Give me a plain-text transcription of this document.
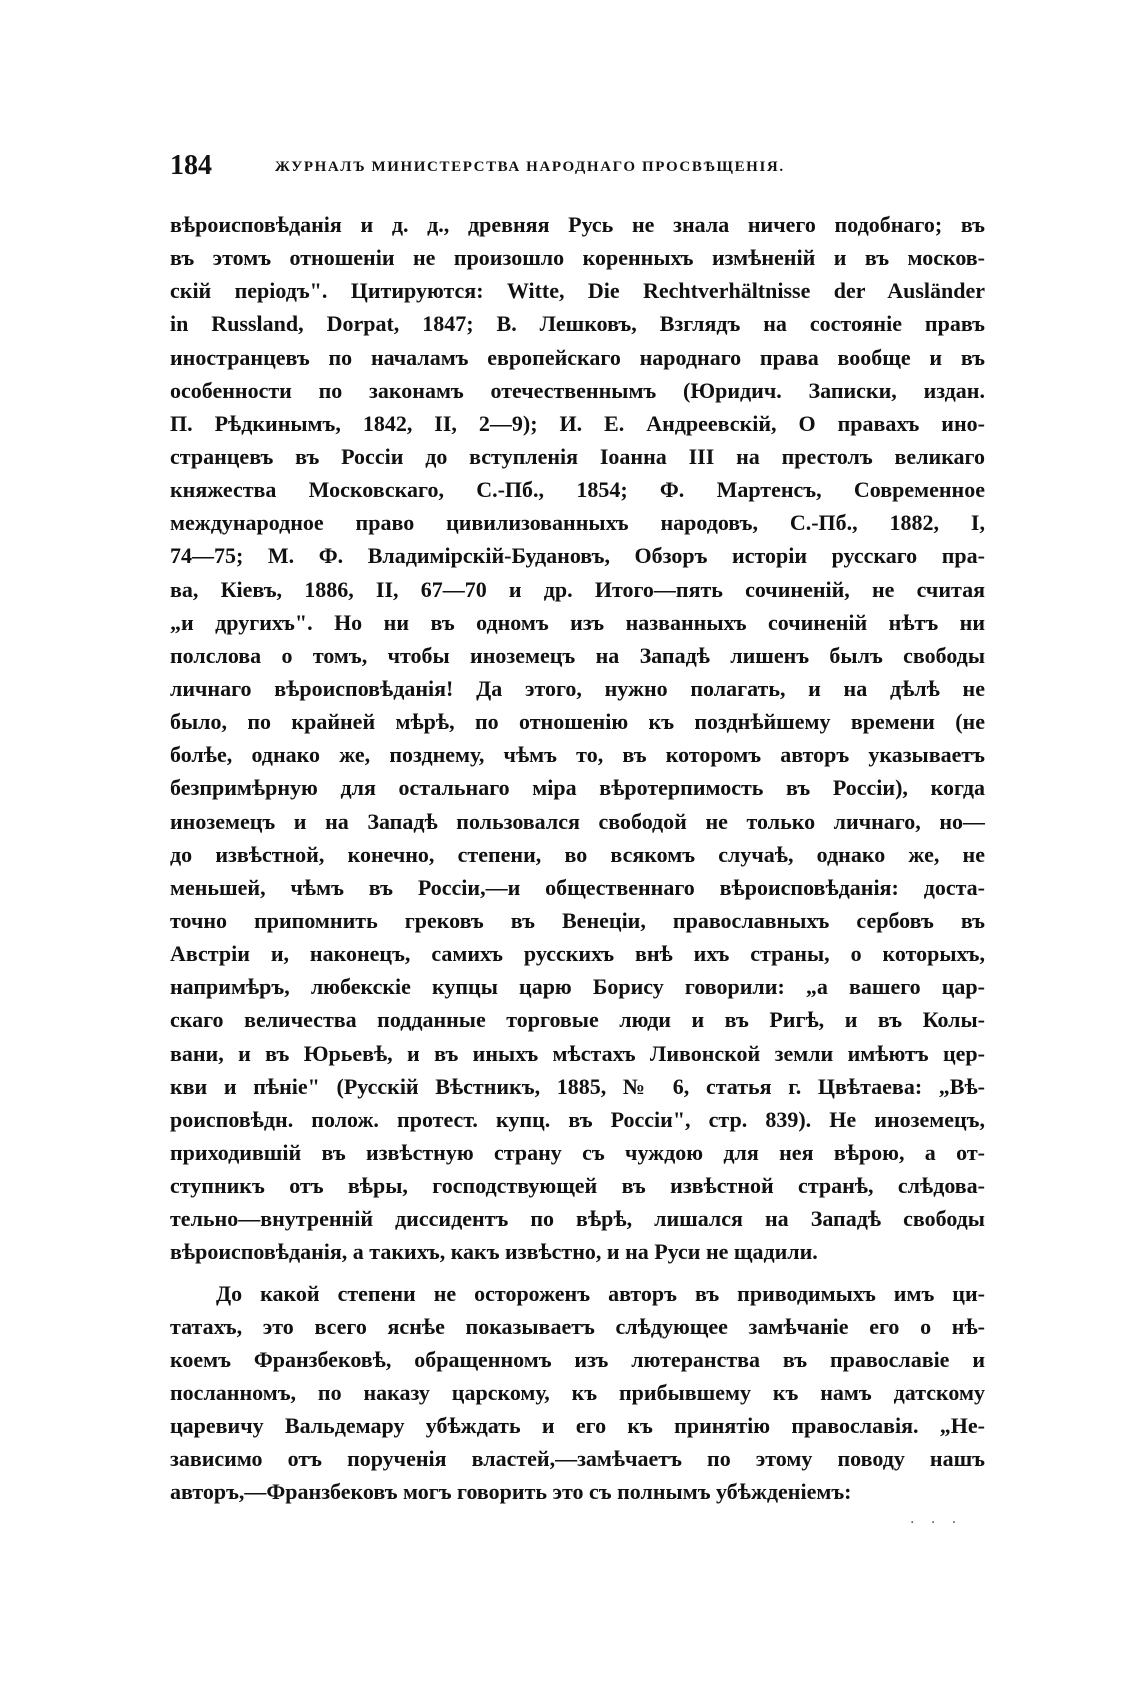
184	ЖУРНАЛЪ МИНИСТЕРСТВА НАРОДНАГО ПРОСВѢЩЕНІЯ.
вѣроисповѣданія и д. д., древняя Русь не знала ничего подобнаго; въ
въ этомъ отношеніи не произошло коренныхъ измѣненій и въ москов-
скій періодъ". Цитируются: Witte, Die Rechtverhältnisse der Ausländer
in Russland, Dorpat, 1847; В. Лешковъ, Взглядъ на состояніе правъ
иностранцевъ по началамъ европейскаго народнаго права вообще и въ
особенности по законамъ отечественнымъ (Юридич. Записки, издан.
П. Рѣдкинымъ, 1842, II, 2—9); И. Е. Андреевскій, О правахъ ино-
странцевъ въ Россіи до вступленія Іоанна III на престолъ великаго
княжества Московскаго, С.-Пб., 1854; Ф. Мартенсъ, Современное
международное право цивилизованныхъ народовъ, С.-Пб., 1882, I,
74—75; М. Ф. Владимірскій-Будановъ, Обзоръ исторіи русскаго пра-
ва, Кіевъ, 1886, II, 67—70 и др. Итого—пять сочиненій, не считая
„и другихъ". Но ни въ одномъ изъ названныхъ сочиненій нѣтъ ни
полслова о томъ, чтобы иноземецъ на Западѣ лишенъ былъ свободы
личнаго вѣроисповѣданія! Да этого, нужно полагать, и на дѣлѣ не
было, по крайней мѣрѣ, по отношенію къ позднѣйшему времени (не
болѣе, однако же, позднему, чѣмъ то, въ которомъ авторъ указываетъ
безпримѣрную для остальнаго міра вѣротерпимость въ Россіи), когда
иноземецъ и на Западѣ пользовался свободой не только личнаго, но—
до извѣстной, конечно, степени, во всякомъ случаѣ, однако же, не
меньшей, чѣмъ въ Россіи,—и общественнаго вѣроисповѣданія: доста-
точно припомнить грековъ въ Венеціи, православныхъ сербовъ въ
Австріи и, наконецъ, самихъ русскихъ внѣ ихъ страны, о которыхъ,
напримѣръ, любекскіе купцы царю Борису говорили: „а вашего цар-
скаго величества подданные торговые люди и въ Ригѣ, и въ Колы-
вани, и въ Юрьевѣ, и въ иныхъ мѣстахъ Ливонской земли имѣютъ цер-
кви и пѣніе" (Русскій Вѣстникъ, 1885, № 6, статья г. Цвѣтаева: „Вѣ-
роисповѣдн. полож. протест. купц. въ Россіи", стр. 839). Не иноземецъ,
приходившій въ извѣстную страну съ чуждою для нея вѣрою, а от-
ступникъ отъ вѣры, господствующей въ извѣстной странѣ, слѣдова-
тельно—внутренній диссидентъ по вѣрѣ, лишался на Западѣ свободы
вѣроисповѣданія, а такихъ, какъ извѣстно, и на Руси не щадили.
До какой степени не остороженъ авторъ въ приводимыхъ имъ ци-
татахъ, это всего яснѣе показываетъ слѣдующее замѣчаніе его о нѣ-
коемъ Франзбековѣ, обращенномъ изъ лютеранства въ православіе и
посланномъ, по наказу царскому, къ прибывшему къ намъ датскому
царевичу Вальдемару убѣждать и его къ принятію православія. „Не-
зависимо отъ порученія властей,—замѣчаетъ по этому поводу нашъ
авторъ,—Франзбековъ могъ говорить это съ полнымъ убѣжденіемъ:
· · ·
